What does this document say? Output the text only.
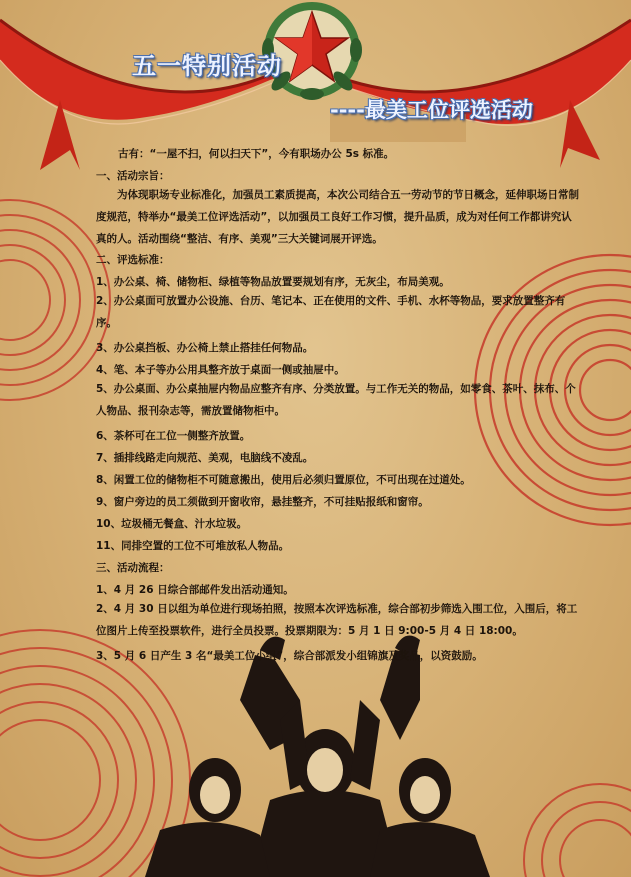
五一特别活动
----最美工位评选活动
古有：“一屋不扫，何以扫天下”，今有职场办公 5s 标准。
一、活动宗旨：
为体现职场专业标准化，加强员工素质提高，本次公司结合五一劳动节的节日概念，延伸职场日常制度规范，特举办“最美工位评选活动”，以加强员工良好工作习惯，提升品质，成为对任何工作都讲究认真的人。活动围绕“整洁、有序、美观”三大关键词展开评选。
二、评选标准：
1、办公桌、椅、储物柜、绿植等物品放置要规划有序，无灰尘，布局美观。
2、办公桌面可放置办公设施、台历、笔记本、正在使用的文件、手机、水杯等物品，要求放置整齐有序。
3、办公桌挡板、办公椅上禁止搭挂任何物品。
4、笔、本子等办公用具整齐放于桌面一侧或抽屉中。
5、办公桌面、办公桌抽屉内物品应整齐有序、分类放置。与工作无关的物品，如零食、茶叶、抹布、个人物品、报刊杂志等，需放置储物柜中。
6、茶杯可在工位一侧整齐放置。
7、插排线路走向规范、美观，电脑线不凌乱。
8、闲置工位的储物柜不可随意搬出，使用后必须归置原位，不可出现在过道处。
9、窗户旁边的员工须做到开窗收帘，悬挂整齐，不可挂贴报纸和窗帘。
10、垃圾桶无餐盒、汁水垃圾。
11、同排空置的工位不可堆放私人物品。
三、活动流程：
1、4 月 26 日综合部邮件发出活动通知。
2、4 月 30 日以组为单位进行现场拍照，按照本次评选标准，综合部初步筛选入围工位，入围后，将工位图片上传至投票软件，进行全员投票。投票期限为：5 月 1 日 9:00-5 月 4 日 18:00。
3、5 月 6 日产生 3 名“最美工位小组”，综合部派发小组锦旗及奖品，以资鼓励。
